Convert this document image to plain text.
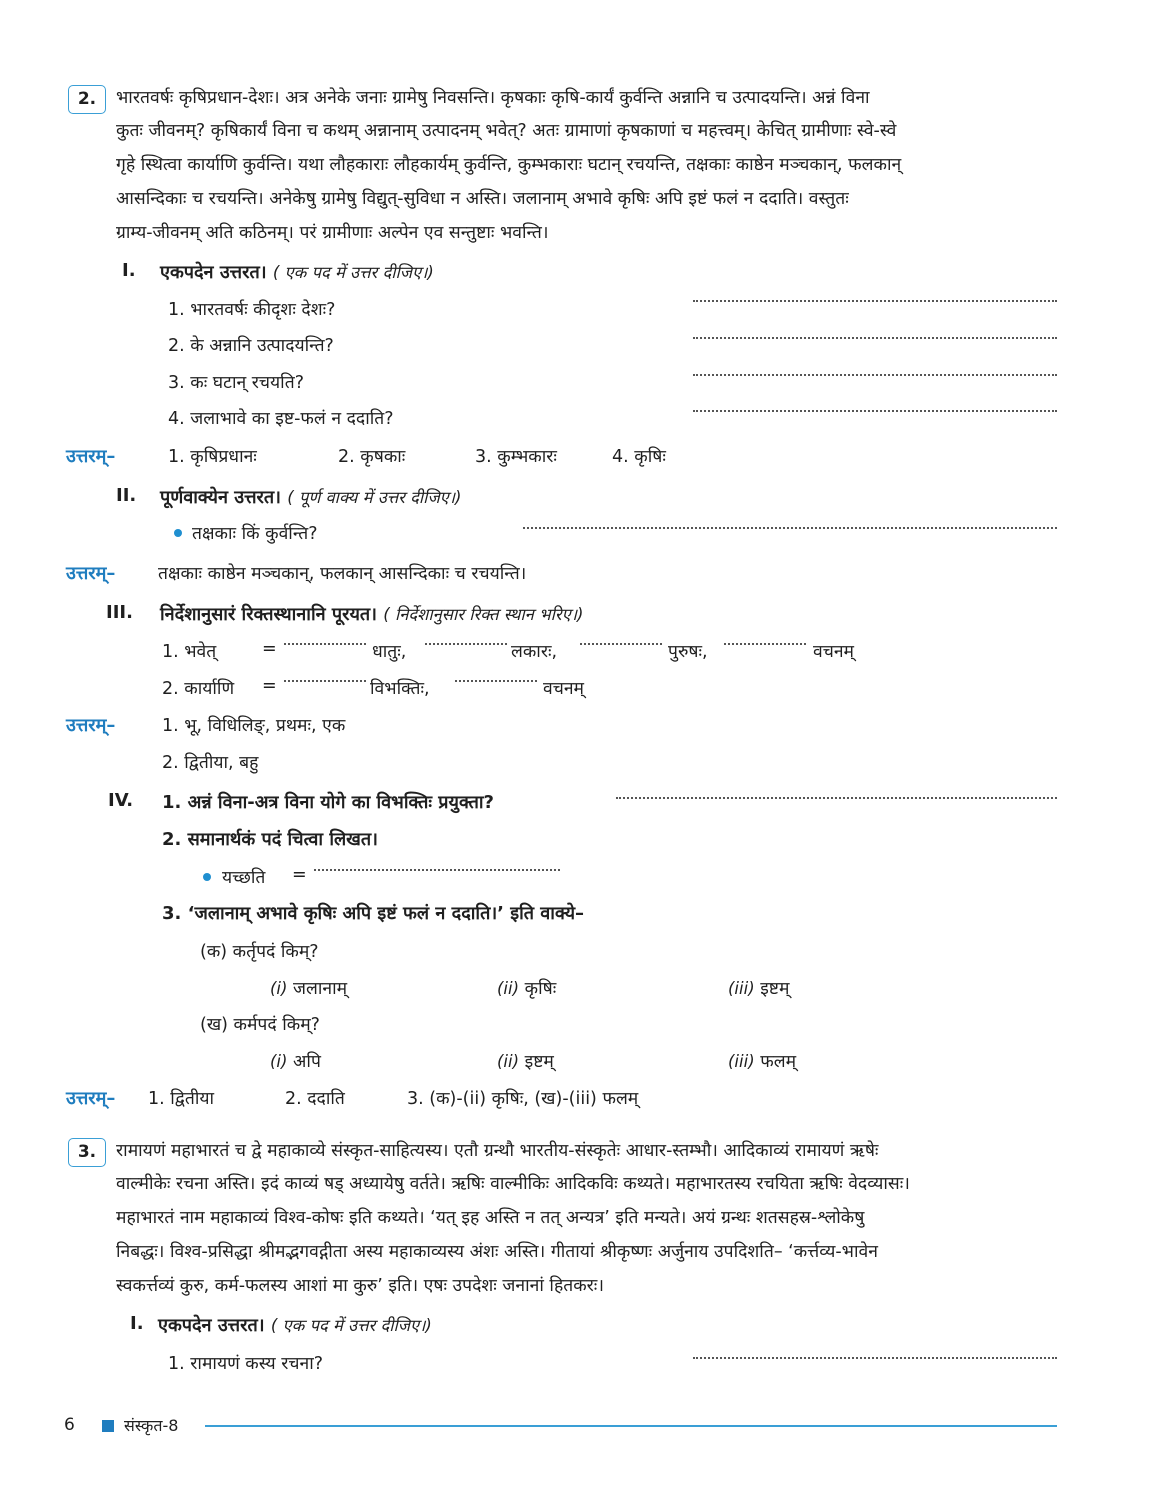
2.	भारतवर्षः कृषिप्रधान-देशः। अत्र अनेके जनाः ग्रामेषु निवसन्ति। कृषकाः कृषि-कार्यं कुर्वन्ति अन्नानि च उत्पादयन्ति। अन्नं विना
कुतः जीवनम्? कृषिकार्यं विना च कथम् अन्नानाम् उत्पादनम् भवेत्? अतः ग्रामाणां कृषकाणां च महत्त्वम्। केचित् ग्रामीणाः स्वे-स्वे
गृहे स्थित्वा कार्याणि कुर्वन्ति। यथा लौहकाराः लौहकार्यम् कुर्वन्ति, कुम्भकाराः घटान् रचयन्ति, तक्षकाः काष्ठेन मञ्चकान्, फलकान्
आसन्दिकाः च रचयन्ति। अनेकेषु ग्रामेषु विद्युत्-सुविधा न अस्ति। जलानाम् अभावे कृषिः अपि इष्टं फलं न ददाति। वस्तुतः
ग्राम्य-जीवनम् अति कठिनम्। परं ग्रामीणाः अल्पेन एव सन्तुष्टाः भवन्ति।
I. एकपदेन उत्तरत। ( एक पद में उत्तर दीजिए।)
1. भारतवर्षः कीदृशः देशः?
2. के अन्नानि उत्पादयन्ति?
3. कः घटान् रचयति?
4. जलाभावे का इष्ट-फलं न ददाति?
उत्तरम्–	1. कृषिप्रधानः	2. कृषकाः	3. कुम्भकारः	4. कृषिः
II. पूर्णवाक्येन उत्तरत। ( पूर्ण वाक्य में उत्तर दीजिए।)
तक्षकाः किं कुर्वन्ति?
उत्तरम्– तक्षकाः काष्ठेन मञ्चकान्, फलकान् आसन्दिकाः च रचयन्ति।
III. निर्देशानुसारं रिक्तस्थानानि पूरयत। ( निर्देशानुसार रिक्त स्थान भरिए।)
1. भवेत्	=	धातुः,	लकारः,	पुरुषः,	वचनम्
2. कार्याणि =	विभक्तिः,	वचनम्
उत्तरम्–	1. भू, विधिलिङ्, प्रथमः, एक
2. द्वितीया, बहु
IV. 1. अन्नं विना-अत्र विना योगे का विभक्तिः प्रयुक्ता?
2. समानार्थकं पदं चित्वा लिखत।
यच्छति =
3. ‘जलानाम् अभावे कृषिः अपि इष्टं फलं न ददाति।’ इति वाक्ये–
(क) कर्तृपदं किम्?
(i) जलानाम्	(ii) कृषिः	(iii) इष्टम्
(ख) कर्मपदं किम्?
(i) अपि	(ii) इष्टम्	(iii) फलम्
उत्तरम्– 1. द्वितीया	2. ददाति	3. (क)-(ii) कृषिः, (ख)-(iii) फलम्
3.	रामायणं महाभारतं च द्वे महाकाव्ये संस्कृत-साहित्यस्य। एतौ ग्रन्थौ भारतीय-संस्कृतेः आधार-स्तम्भौ। आदिकाव्यं रामायणं ऋषेः
वाल्मीकेः रचना अस्ति। इदं काव्यं षड् अध्यायेषु वर्तते। ऋषिः वाल्मीकिः आदिकविः कथ्यते। महाभारतस्य रचयिता ऋषिः वेदव्यासः।
महाभारतं नाम महाकाव्यं विश्व-कोषः इति कथ्यते। ‘यत् इह अस्ति न तत् अन्यत्र’ इति मन्यते। अयं ग्रन्थः शतसहस्र-श्लोकेषु
निबद्धः। विश्व-प्रसिद्धा श्रीमद्भगवद्गीता अस्य महाकाव्यस्य अंशः अस्ति। गीतायां श्रीकृष्णः अर्जुनाय उपदिशति– ‘कर्त्तव्य-भावेन
स्वकर्त्तव्यं कुरु, कर्म-फलस्य आशां मा कुरु’ इति। एषः उपदेशः जनानां हितकरः।
I. एकपदेन उत्तरत। ( एक पद में उत्तर दीजिए।)
1. रामायणं कस्य रचना?
6	संस्कृत-8
